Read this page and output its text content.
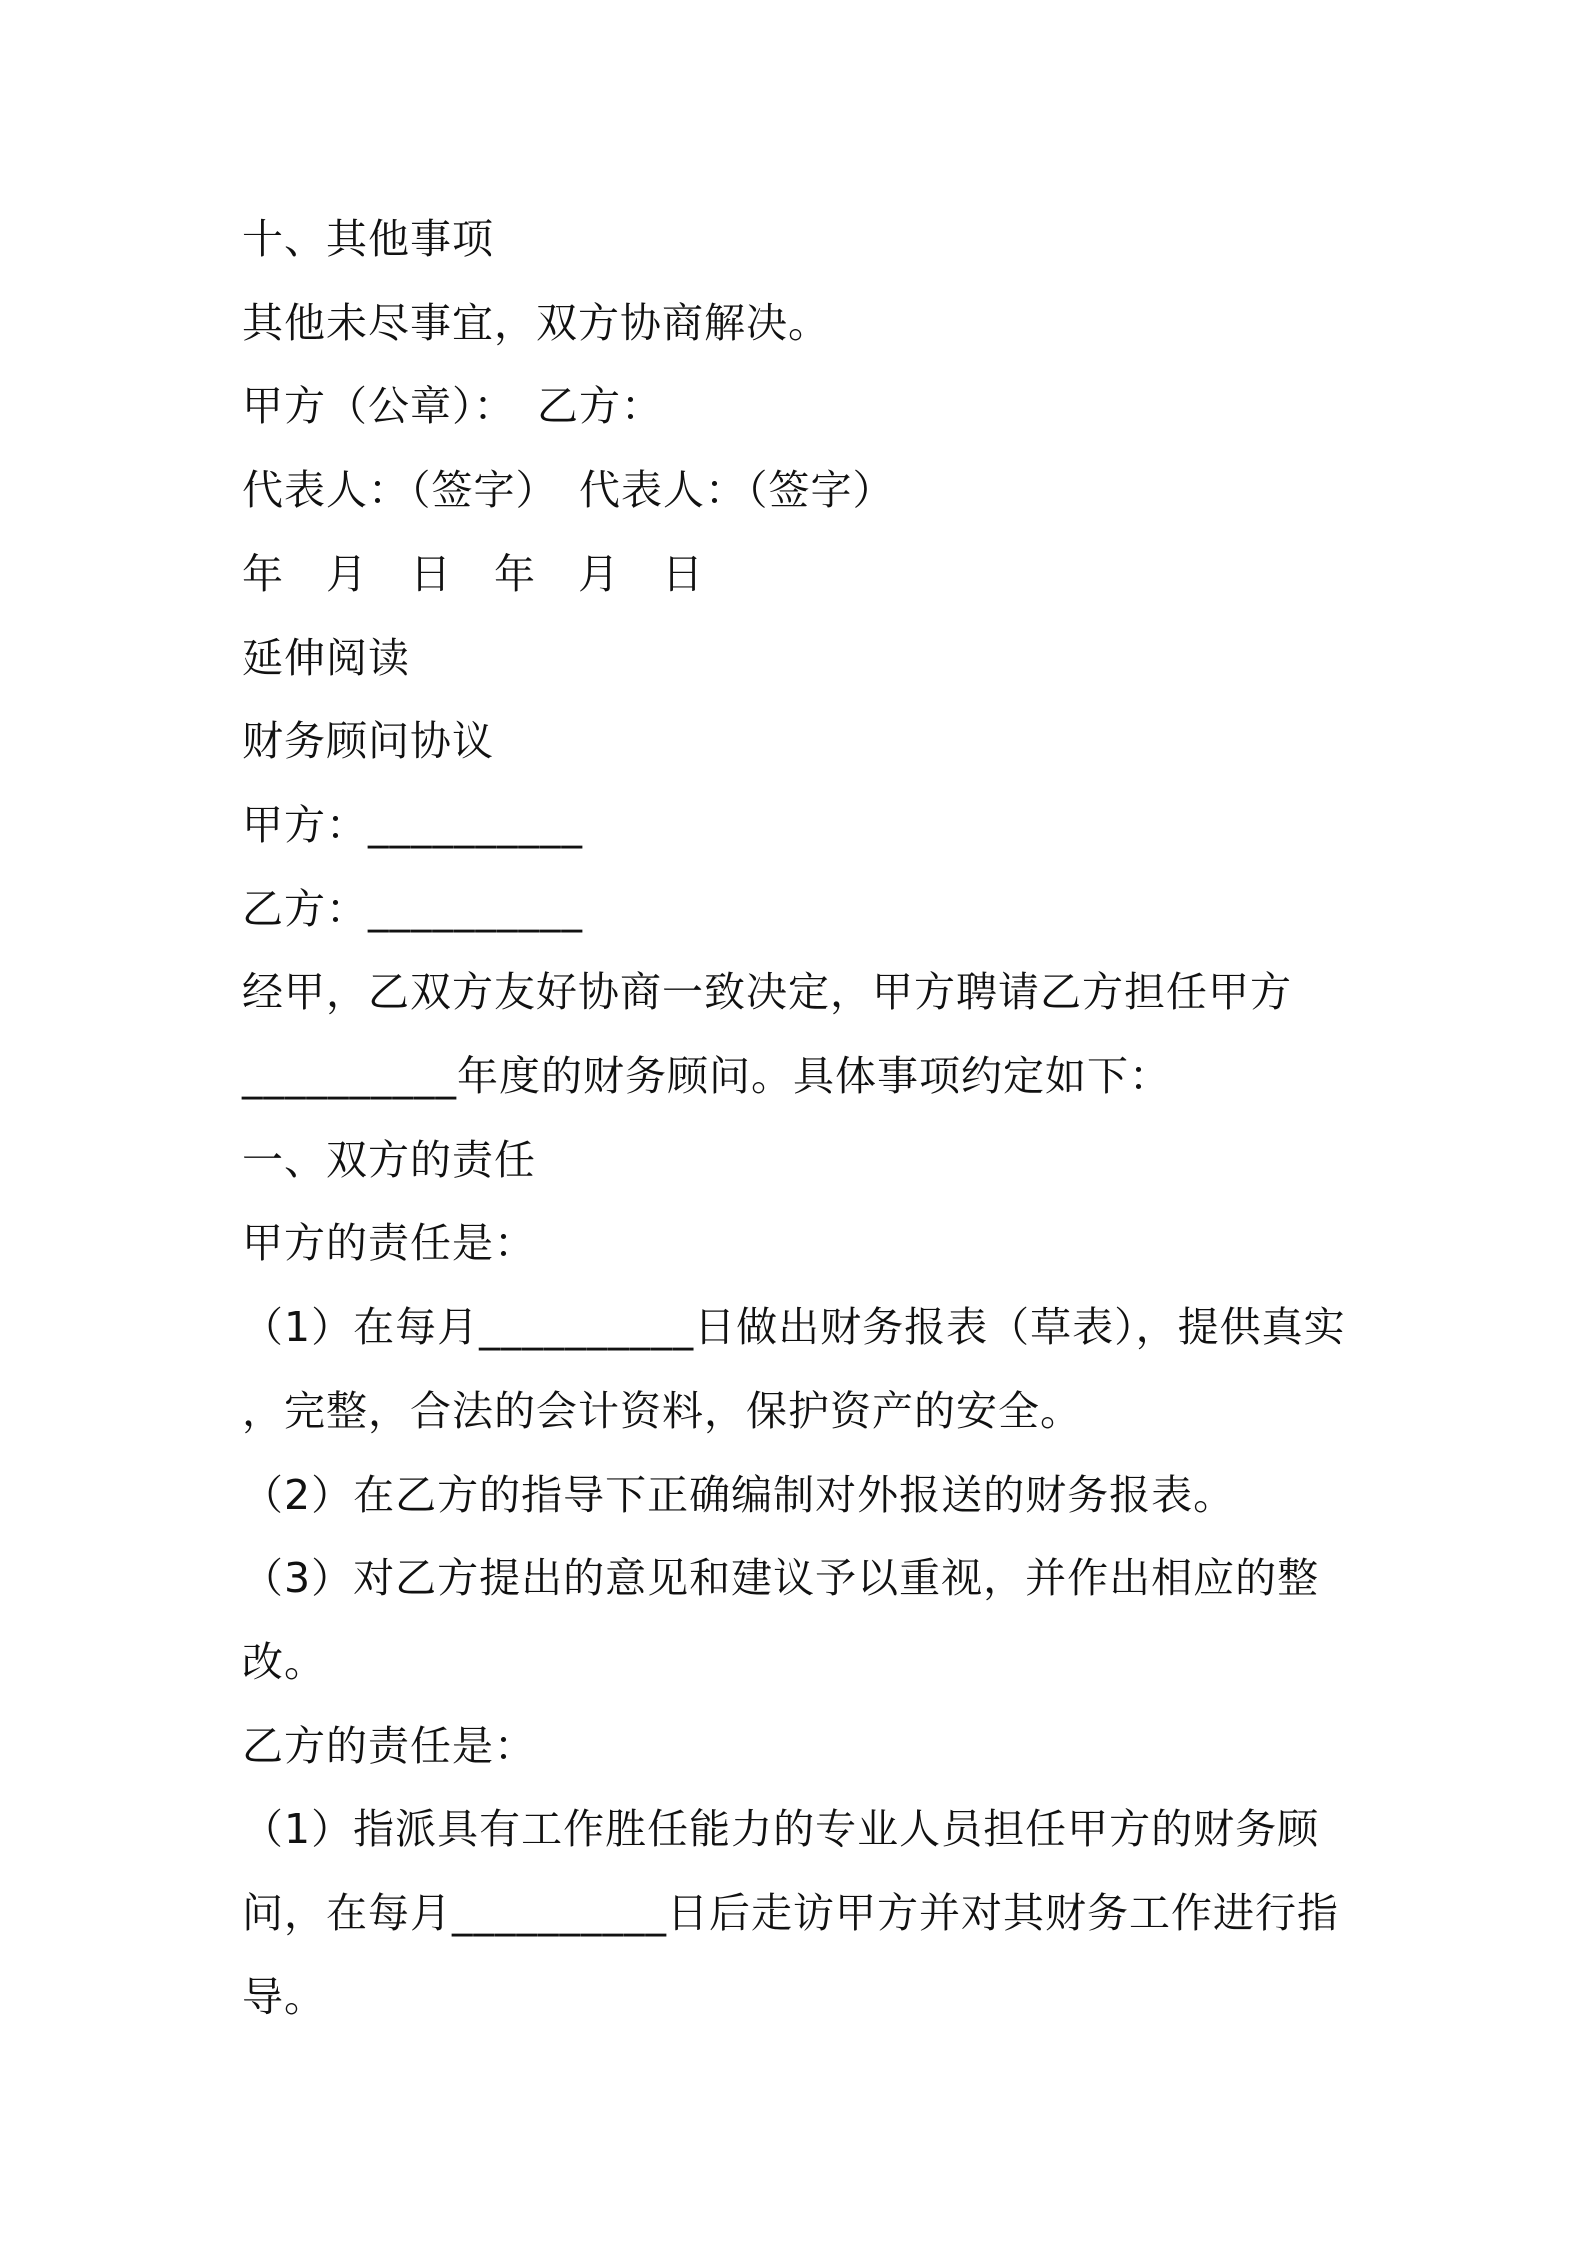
十、其他事项
其他未尽事宜，双方协商解决。
甲方（公章）：　乙方：
代表人：（签字）　代表人：（签字）
年　月　日　年　月　日
延伸阅读
财务顾问协议
甲方：__________
乙方：__________
经甲，乙双方友好协商一致决定，甲方聘请乙方担任甲方
__________年度的财务顾问。具体事项约定如下：
一、双方的责任
甲方的责任是：
（1）在每月__________日做出财务报表（草表），提供真实
，完整，合法的会计资料，保护资产的安全。
（2）在乙方的指导下正确编制对外报送的财务报表。
（3）对乙方提出的意见和建议予以重视，并作出相应的整
改。
乙方的责任是：
（1）指派具有工作胜任能力的专业人员担任甲方的财务顾
问，在每月__________日后走访甲方并对其财务工作进行指
导。
